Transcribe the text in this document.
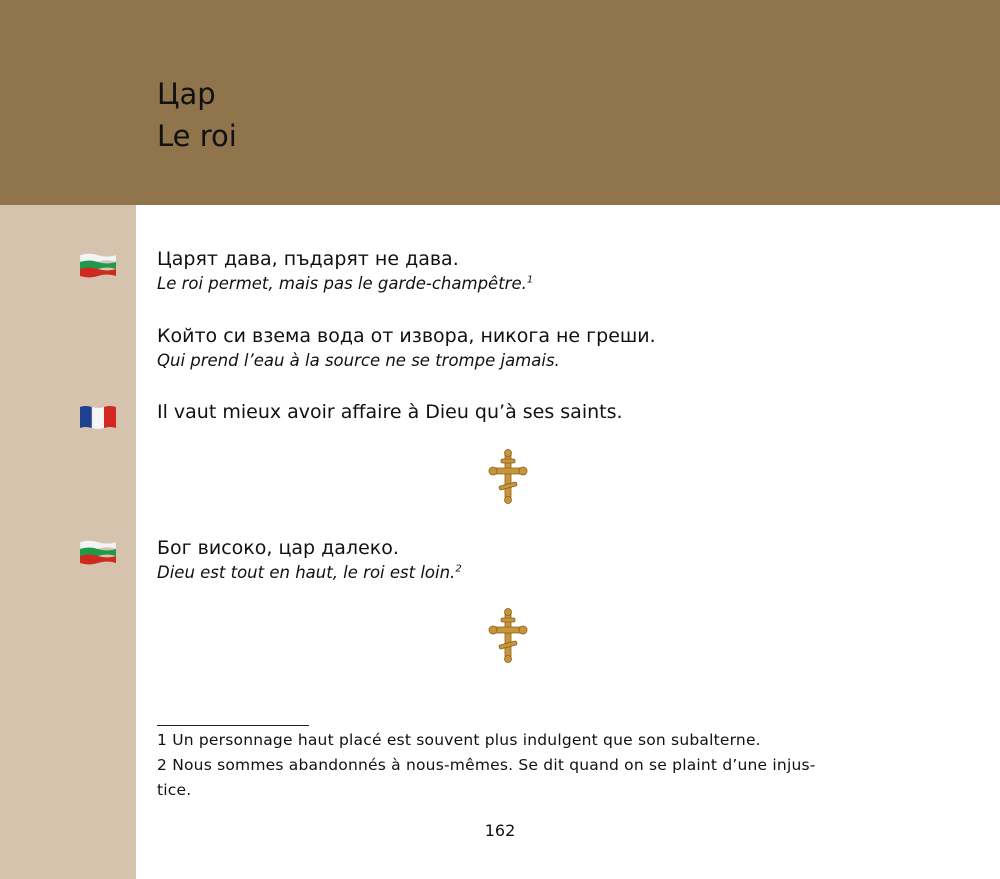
Цар
Le roi
Царят дава, пъдарят не дава.
Le roi permet, mais pas le garde-champêtre.$^1$
Който си взема вода от извора, никога не греши.
Qui prend l’eau à la source ne se trompe jamais.
Il vaut mieux avoir affaire à Dieu qu’à ses saints.
Бог високо, цар далеко.
Dieu est tout en haut, le roi est loin.$^2$
1 Un personnage haut placé est souvent plus indulgent que son subalterne.
2 Nous sommes abandonnés à nous-mêmes. Se dit quand on se plaint d’une injus-
tice.
162
